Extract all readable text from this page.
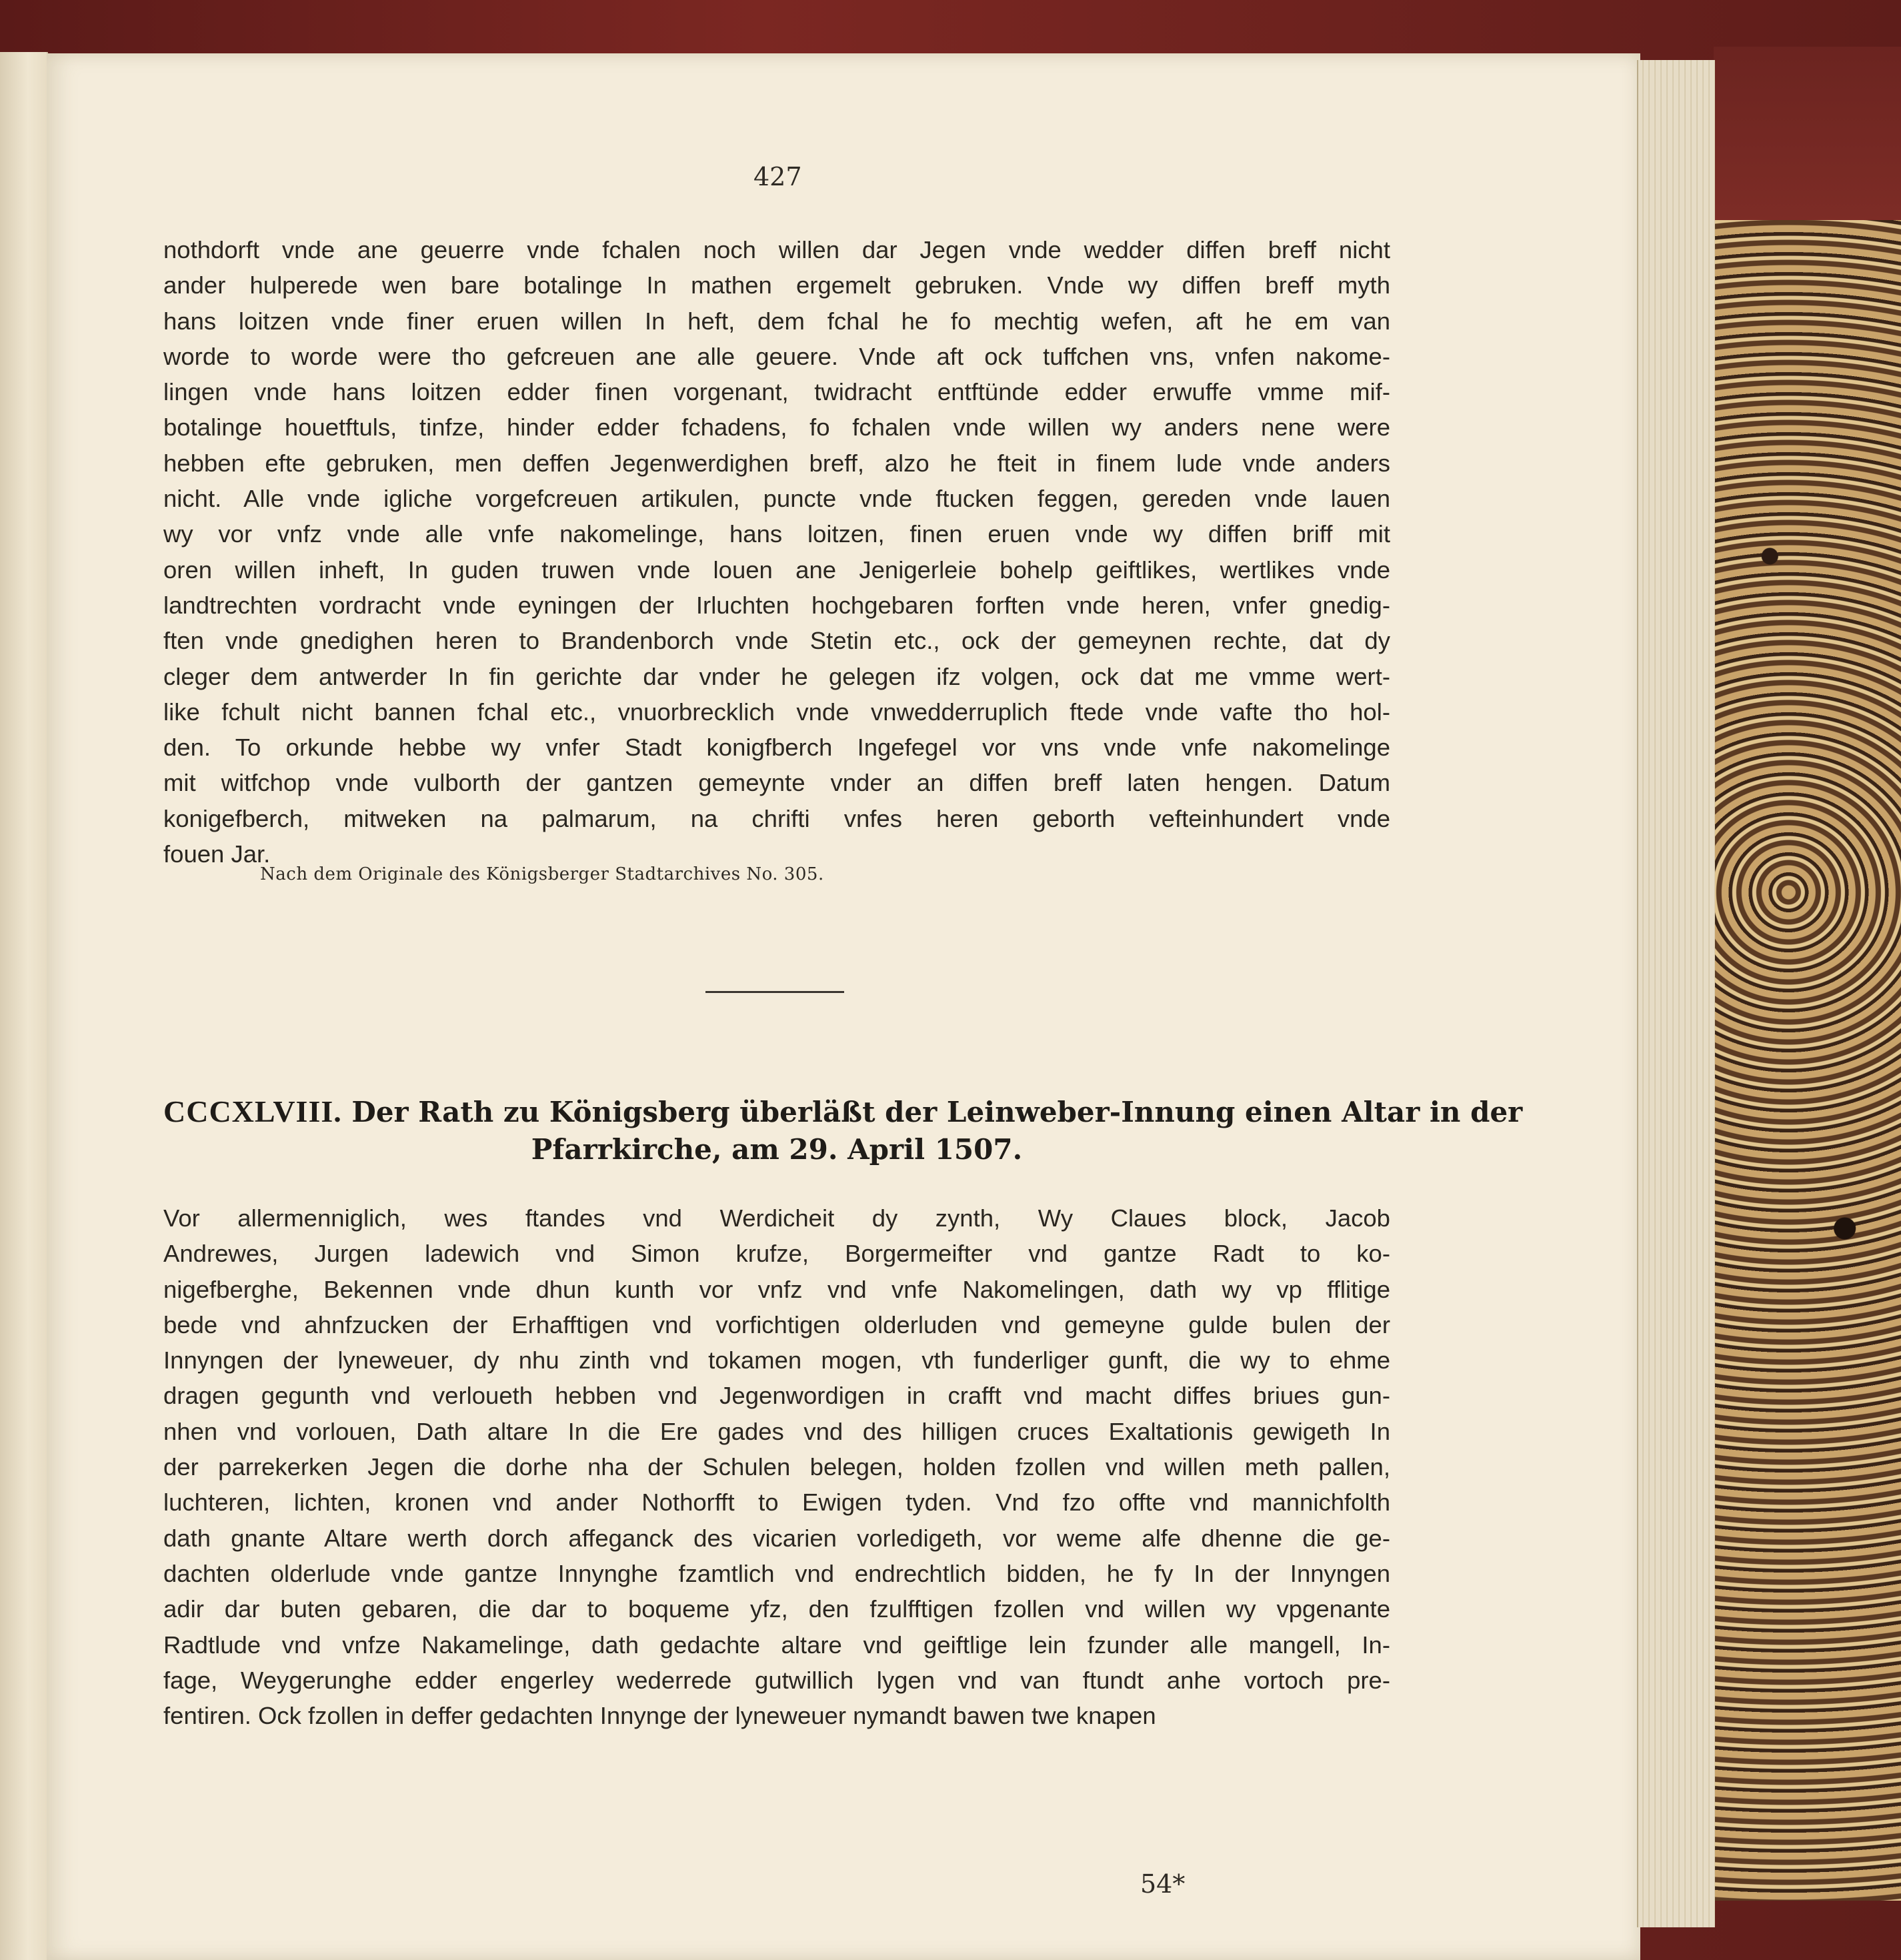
427

nothdorft vnde ane geuerre vnde fchalen noch willen dar Jegen vnde wedder diffen breff nicht
ander hulperede wen bare botalinge In mathen ergemelt gebruken. Vnde wy diffen breff myth
hans loitzen vnde finer eruen willen In heft, dem fchal he fo mechtig wefen, aft he em van
worde to worde were tho gefcreuen ane alle geuere. Vnde aft ock tuffchen vns, vnfen nakome-
lingen vnde hans loitzen edder finen vorgenant, twidracht entftünde edder erwuffe vmme mif-
botalinge houetftuls, tinfze, hinder edder fchadens, fo fchalen vnde willen wy anders nene were
hebben efte gebruken, men deffen Jegenwerdighen breff, alzo he fteit in finem lude vnde anders
nicht. Alle vnde igliche vorgefcreuen artikulen, puncte vnde ftucken feggen, gereden vnde lauen
wy vor vnfz vnde alle vnfe nakomelinge, hans loitzen, finen eruen vnde wy diffen briff mit
oren willen inheft, In guden truwen vnde louen ane Jenigerleie bohelp geiftlikes, wertlikes vnde
landtrechten vordracht vnde eyningen der Irluchten hochgebaren forften vnde heren, vnfer gnedig-
ften vnde gnedighen heren to Brandenborch vnde Stetin etc., ock der gemeynen rechte, dat dy
cleger dem antwerder In fin gerichte dar vnder he gelegen ifz volgen, ock dat me vmme wert-
like fchult nicht bannen fchal etc., vnuorbrecklich vnde vnwedderruplich ftede vnde vafte tho hol-
den. To orkunde hebbe wy vnfer Stadt konigfberch Ingefegel vor vns vnde vnfe nakomelinge
mit witfchop vnde vulborth der gantzen gemeynte vnder an diffen breff laten hengen. Datum
konigefberch, mitweken na palmarum, na chrifti vnfes heren geborth vefteinhundert vnde
fouen Jar.

Nach dem Originale des Königsberger Stadtarchives No. 305.
CCCXLVIII. Der Rath zu Königsberg überläßt der Leinweber-Innung einen Altar in der
Pfarrkirche, am 29. April 1507.

Vor allermenniglich, wes ftandes vnd Werdicheit dy zynth, Wy Claues block, Jacob
Andrewes, Jurgen ladewich vnd Simon krufze, Borgermeifter vnd gantze Radt to ko-
nigefberghe, Bekennen vnde dhun kunth vor vnfz vnd vnfe Nakomelingen, dath wy vp fflitige
bede vnd ahnfzucken der Erhafftigen vnd vorfichtigen olderluden vnd gemeyne gulde bulen der
Innyngen der lyneweuer, dy nhu zinth vnd tokamen mogen, vth funderliger gunft, die wy to ehme
dragen gegunth vnd verloueth hebben vnd Jegenwordigen in crafft vnd macht diffes briues gun-
nhen vnd vorlouen, Dath altare In die Ere gades vnd des hilligen cruces Exaltationis gewigeth In
der parrekerken Jegen die dorhe nha der Schulen belegen, holden fzollen vnd willen meth pallen,
luchteren, lichten, kronen vnd ander Nothorfft to Ewigen tyden. Vnd fzo offte vnd mannichfolth
dath gnante Altare werth dorch affeganck des vicarien vorledigeth, vor weme alfe dhenne die ge-
dachten olderlude vnde gantze Innynghe fzamtlich vnd endrechtlich bidden, he fy In der Innyngen
adir dar buten gebaren, die dar to boqueme yfz, den fzulfftigen fzollen vnd willen wy vpgenante
Radtlude vnd vnfze Nakamelinge, dath gedachte altare vnd geiftlige lein fzunder alle mangell, In-
fage, Weygerunghe edder engerley wederrede gutwillich lygen vnd van ftundt anhe vortoch pre-
fentiren. Ock fzollen in deffer gedachten Innynge der lyneweuer nymandt bawen twe knapen

54*
